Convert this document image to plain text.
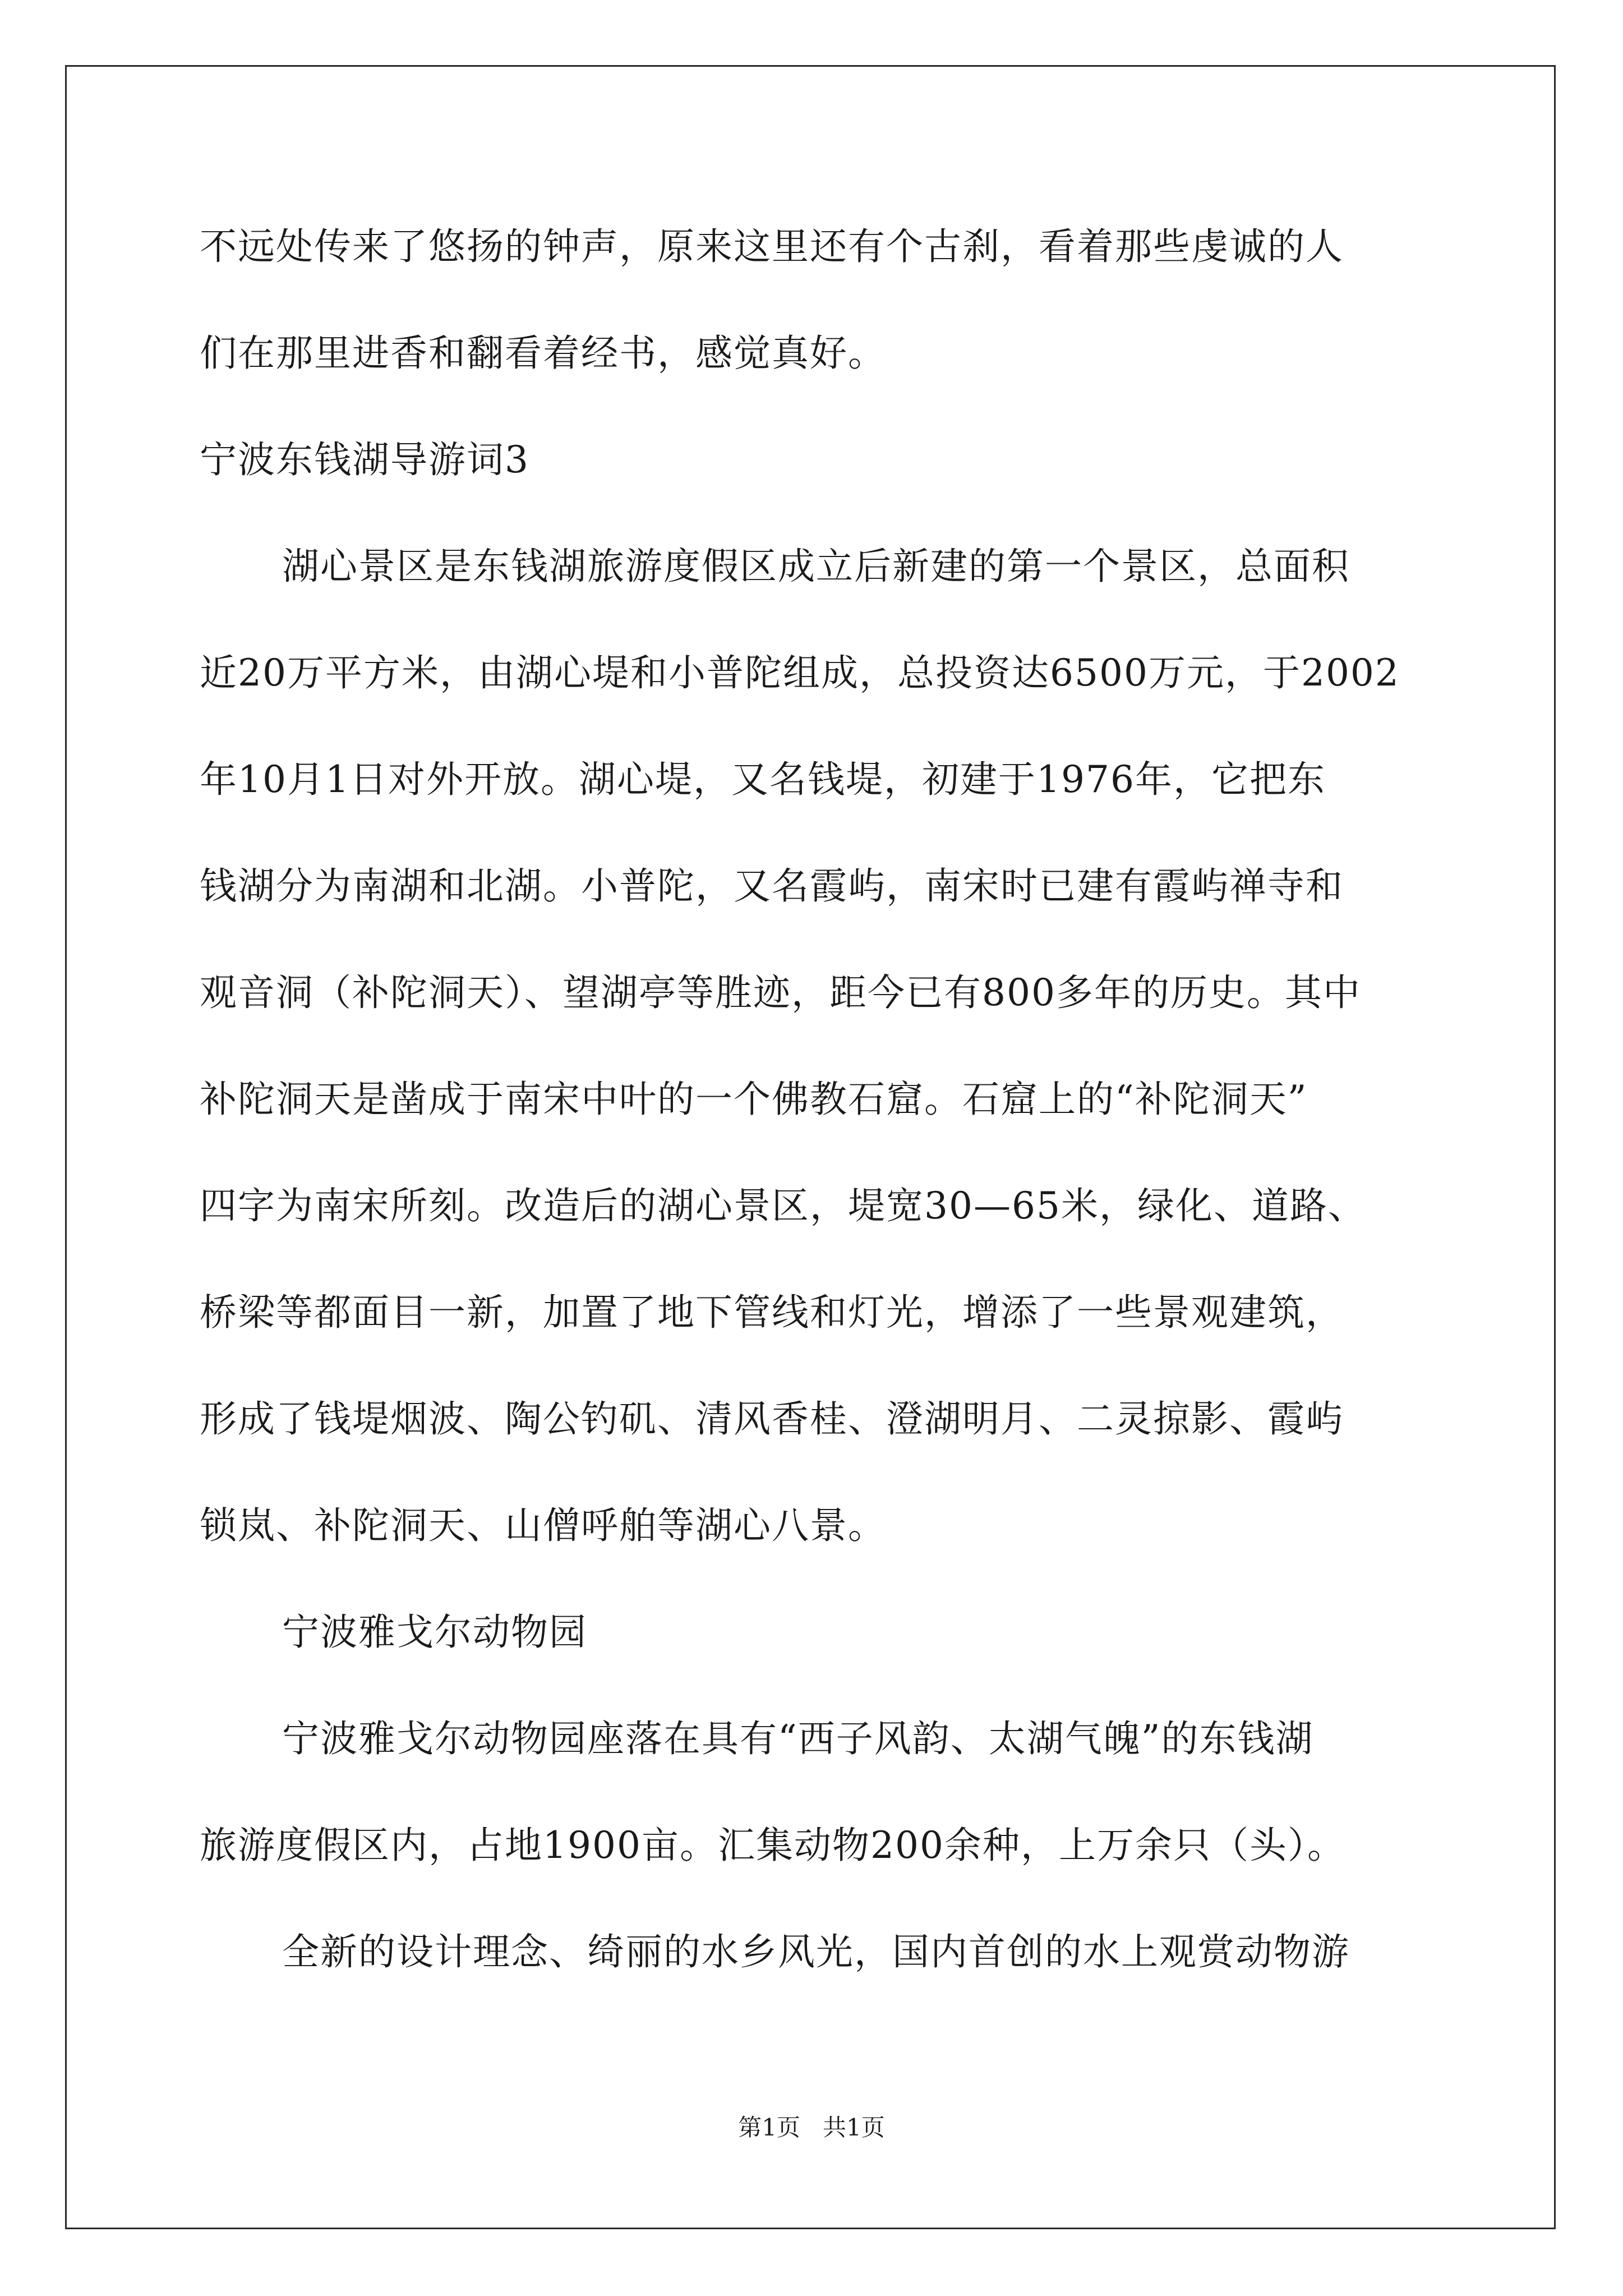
不远处传来了悠扬的钟声，原来这里还有个古刹，看着那些虔诚的人
们在那里进香和翻看着经书，感觉真好。
宁波东钱湖导游词3
湖心景区是东钱湖旅游度假区成立后新建的第一个景区，总面积
近20万平方米，由湖心堤和小普陀组成，总投资达6500万元，于2002
年10月1日对外开放。湖心堤，又名钱堤，初建于1976年，它把东
钱湖分为南湖和北湖。小普陀，又名霞屿，南宋时已建有霞屿禅寺和
观音洞（补陀洞天）、望湖亭等胜迹，距今已有800多年的历史。其中
补陀洞天是凿成于南宋中叶的一个佛教石窟。石窟上的“补陀洞天”
四字为南宋所刻。改造后的湖心景区，堤宽30—65米，绿化、道路、
桥梁等都面目一新，加置了地下管线和灯光，增添了一些景观建筑，
形成了钱堤烟波、陶公钓矶、清风香桂、澄湖明月、二灵掠影、霞屿
锁岚、补陀洞天、山僧呼舶等湖心八景。
宁波雅戈尔动物园
宁波雅戈尔动物园座落在具有“西子风韵、太湖气魄”的东钱湖
旅游度假区内，占地1900亩。汇集动物200余种，上万余只（头）。
全新的设计理念、绮丽的水乡风光，国内首创的水上观赏动物游
第1页   共1页
